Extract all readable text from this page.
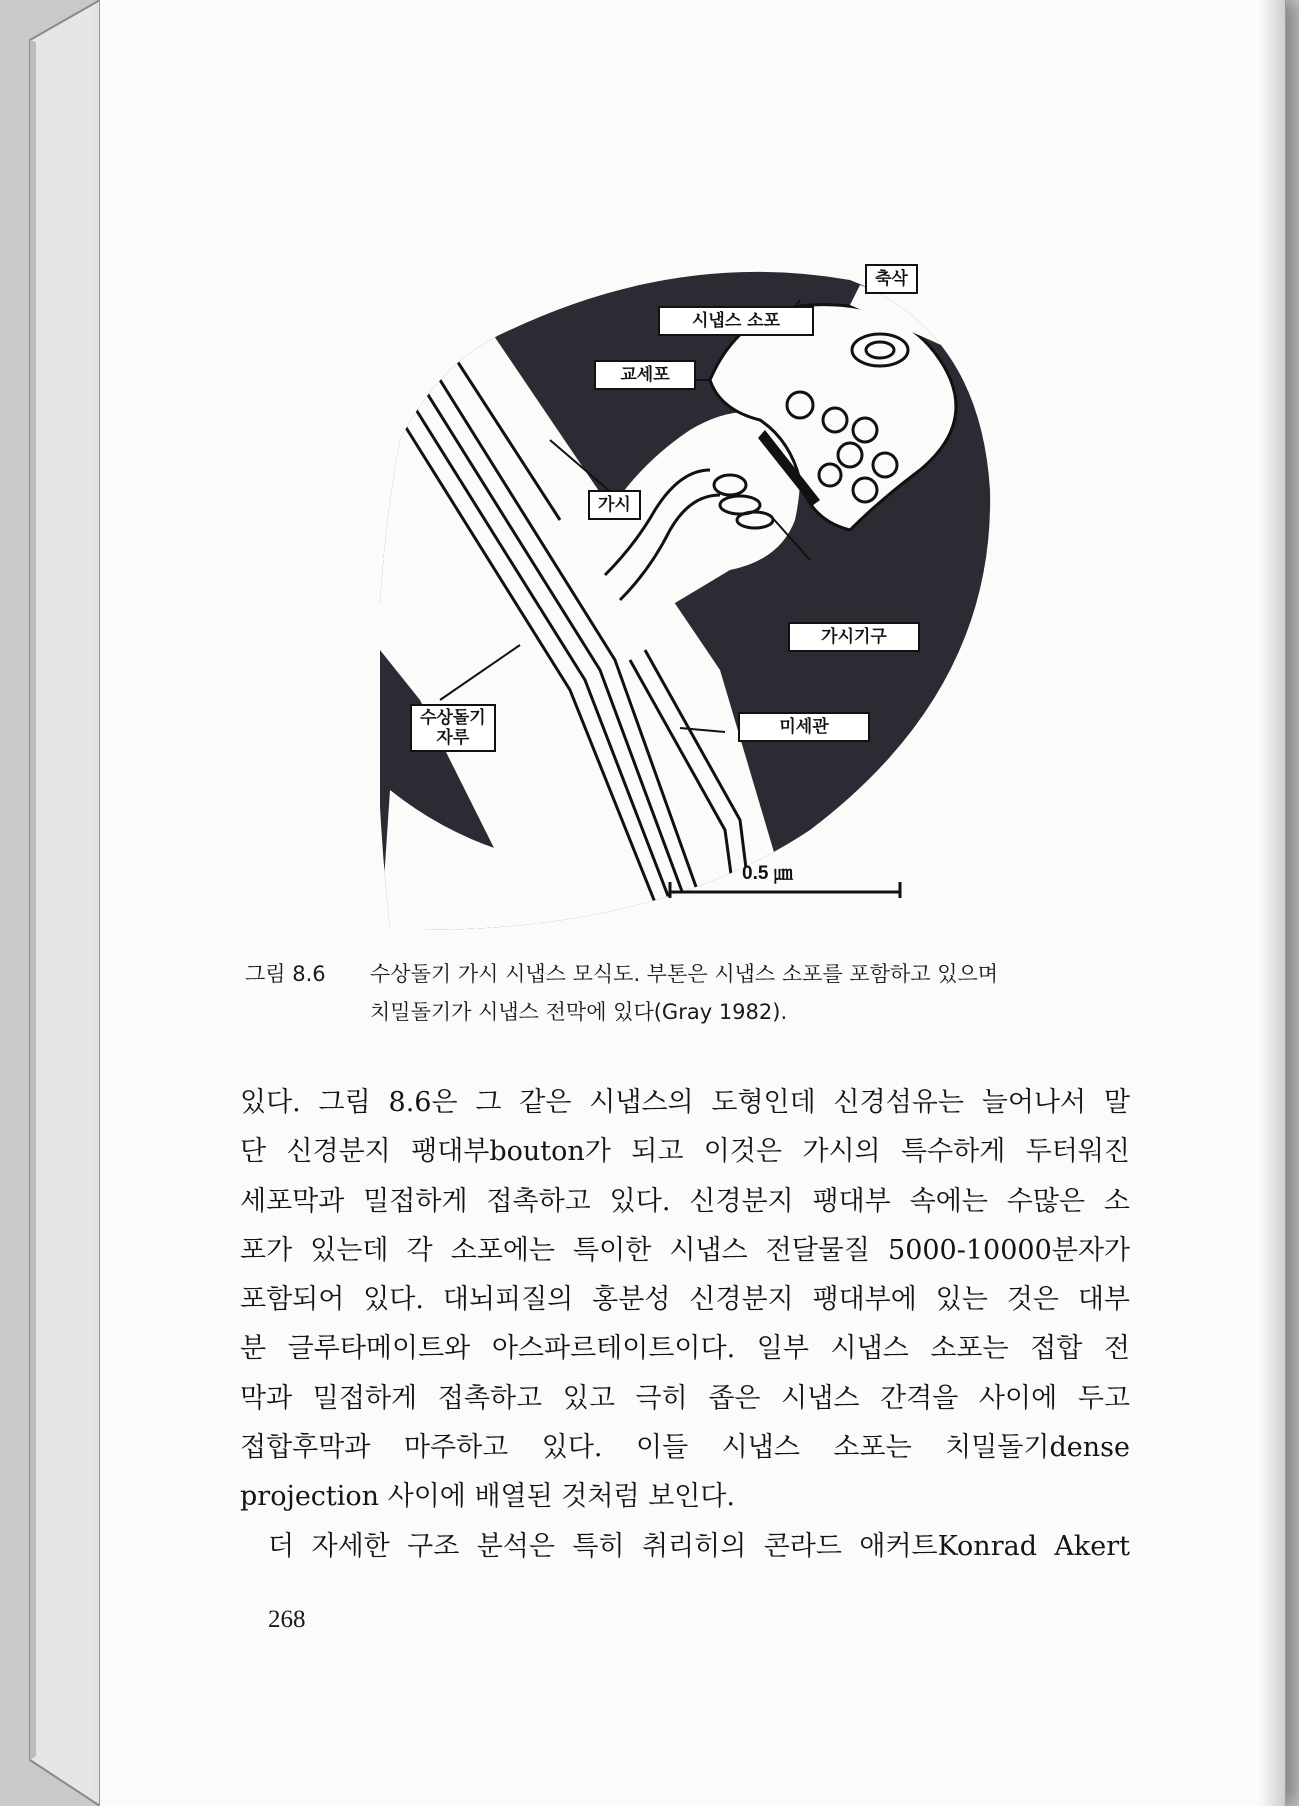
축삭
시냅스 소포
교세포
가시
가시기구
수상돌기
자루
미세관
0.5 ㎛
그림 8.6 수상돌기 가시 시냅스 모식도. 부톤은 시냅스 소포를 포함하고 있으며
치밀돌기가 시냅스 전막에 있다(Gray 1982).
있다. 그림 8.6은 그 같은 시냅스의 도형인데 신경섬유는 늘어나서 말
단 신경분지 팽대부bouton가 되고 이것은 가시의 특수하게 두터워진
세포막과 밀접하게 접촉하고 있다. 신경분지 팽대부 속에는 수많은 소
포가 있는데 각 소포에는 특이한 시냅스 전달물질 5000-10000분자가
포함되어 있다. 대뇌피질의 홍분성 신경분지 팽대부에 있는 것은 대부
분 글루타메이트와 아스파르테이트이다. 일부 시냅스 소포는 접합 전
막과 밀접하게 접촉하고 있고 극히 좁은 시냅스 간격을 사이에 두고
접합후막과 마주하고 있다. 이들 시냅스 소포는 치밀돌기dense
projection 사이에 배열된 것처럼 보인다.
더 자세한 구조 분석은 특히 취리히의 콘라드 애커트Konrad Akert
268
